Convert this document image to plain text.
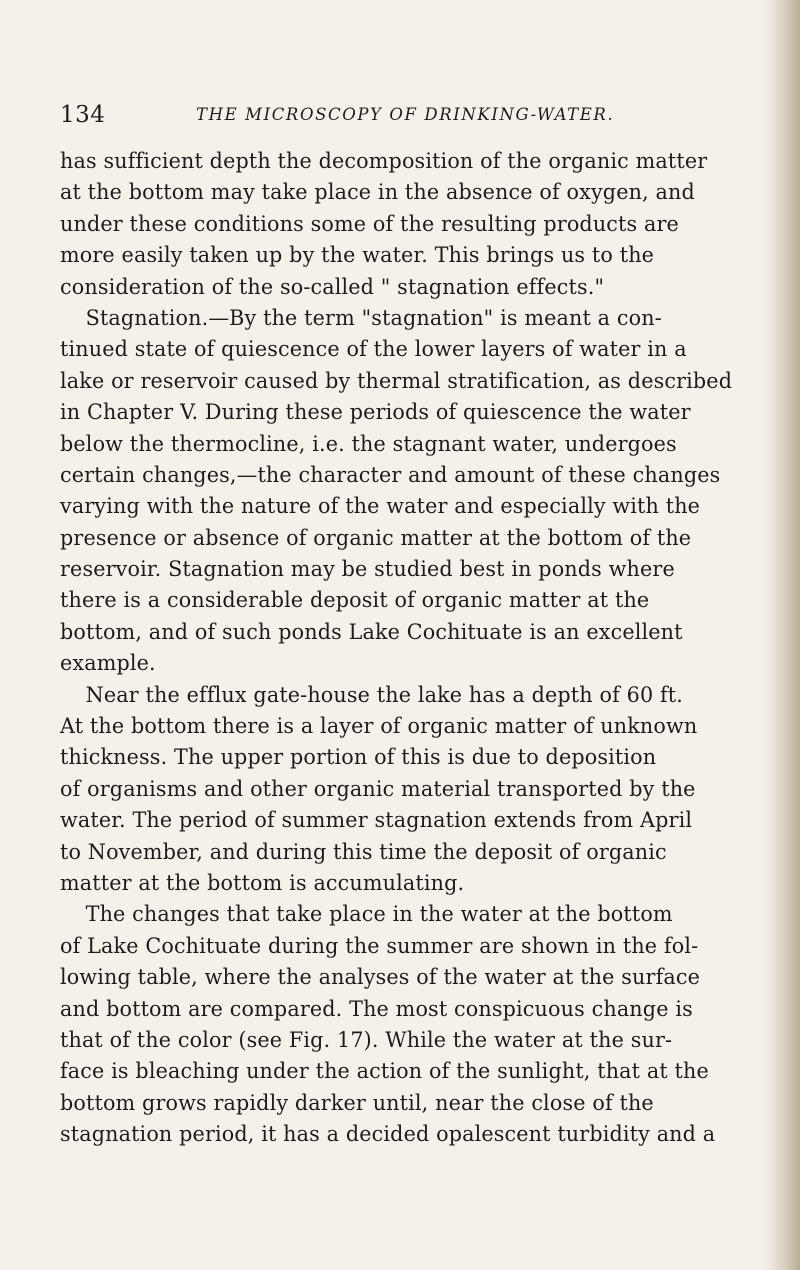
134	THE MICROSCOPY OF DRINKING-WATER.
has sufficient depth the decomposition of the organic matter
at the bottom may take place in the absence of oxygen, and
under these conditions some of the resulting products are
more easily taken up by the water. This brings us to the
consideration of the so-called " stagnation effects."
Stagnation.—By the term "stagnation" is meant a con-
tinued state of quiescence of the lower layers of water in a
lake or reservoir caused by thermal stratification, as described
in Chapter V. During these periods of quiescence the water
below the thermocline, i.e. the stagnant water, undergoes
certain changes,—the character and amount of these changes
varying with the nature of the water and especially with the
presence or absence of organic matter at the bottom of the
reservoir. Stagnation may be studied best in ponds where
there is a considerable deposit of organic matter at the
bottom, and of such ponds Lake Cochituate is an excellent
example.
Near the efflux gate-house the lake has a depth of 60 ft.
At the bottom there is a layer of organic matter of unknown
thickness. The upper portion of this is due to deposition
of organisms and other organic material transported by the
water. The period of summer stagnation extends from April
to November, and during this time the deposit of organic
matter at the bottom is accumulating.
The changes that take place in the water at the bottom
of Lake Cochituate during the summer are shown in the fol-
lowing table, where the analyses of the water at the surface
and bottom are compared. The most conspicuous change is
that of the color (see Fig. 17). While the water at the sur-
face is bleaching under the action of the sunlight, that at the
bottom grows rapidly darker until, near the close of the
stagnation period, it has a decided opalescent turbidity and a
